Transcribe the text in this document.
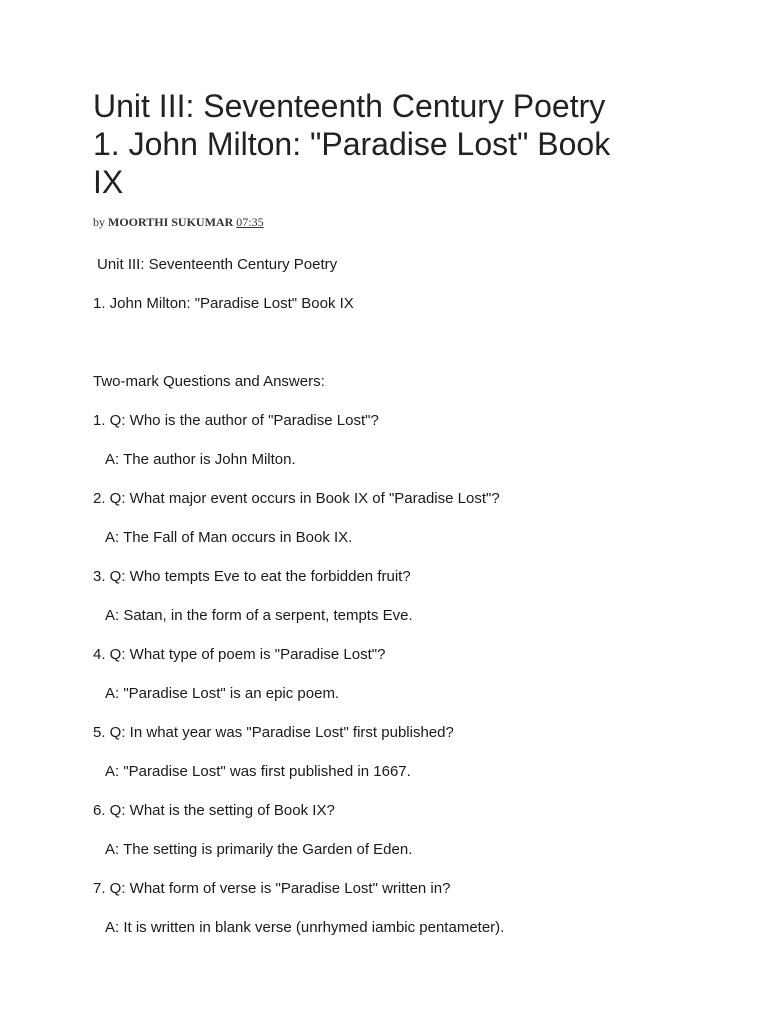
Unit III: Seventeenth Century Poetry
1. John Milton: "Paradise Lost" Book
IX
by MOORTHI SUKUMAR 07:35
Unit III: Seventeenth Century Poetry
1. John Milton: "Paradise Lost" Book IX
Two-mark Questions and Answers:
1. Q: Who is the author of "Paradise Lost"?
A: The author is John Milton.
2. Q: What major event occurs in Book IX of "Paradise Lost"?
A: The Fall of Man occurs in Book IX.
3. Q: Who tempts Eve to eat the forbidden fruit?
A: Satan, in the form of a serpent, tempts Eve.
4. Q: What type of poem is "Paradise Lost"?
A: "Paradise Lost" is an epic poem.
5. Q: In what year was "Paradise Lost" first published?
A: "Paradise Lost" was first published in 1667.
6. Q: What is the setting of Book IX?
A: The setting is primarily the Garden of Eden.
7. Q: What form of verse is "Paradise Lost" written in?
A: It is written in blank verse (unrhymed iambic pentameter).
